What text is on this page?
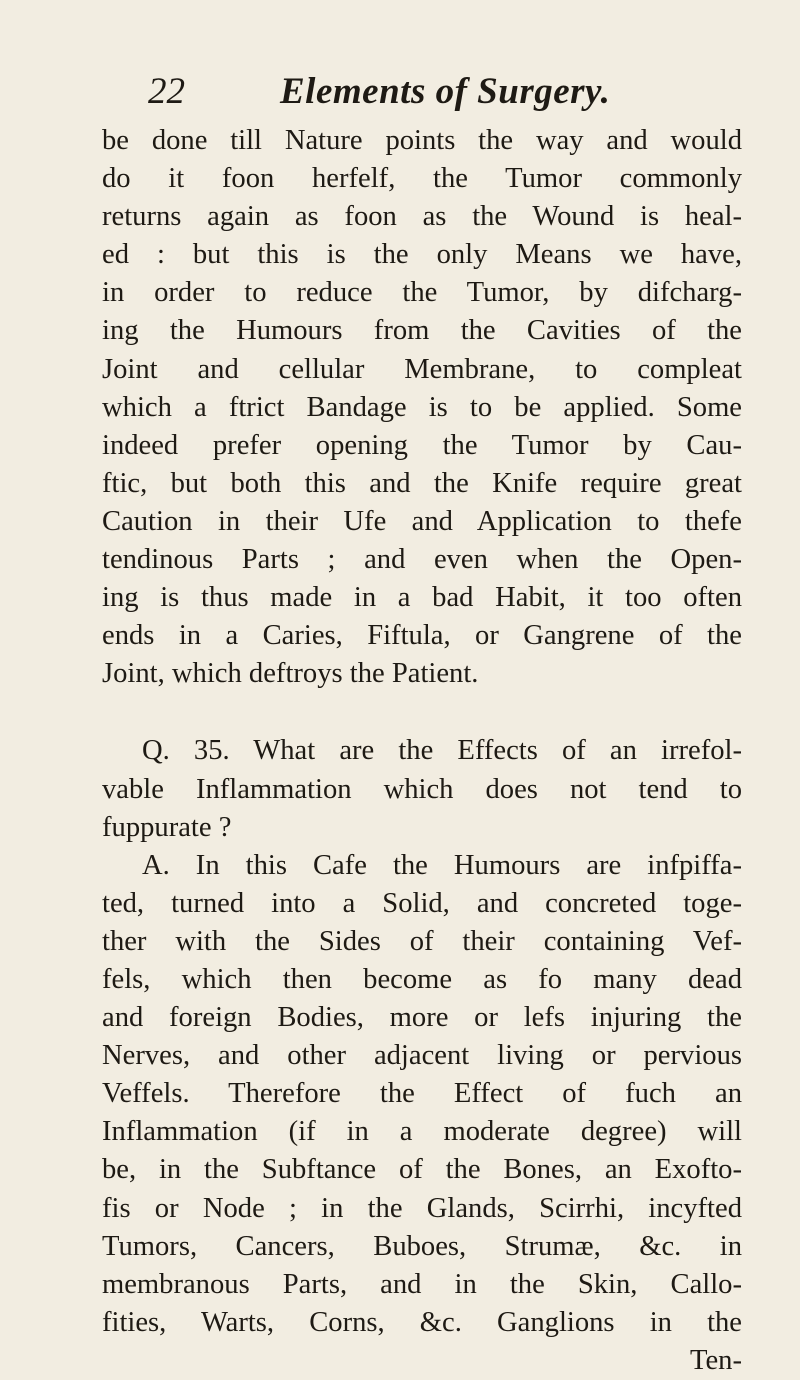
22	Elements of Surgery.
be done till Nature points the way and would
do it foon herfelf, the Tumor commonly
returns again as foon as the Wound is heal-
ed : but this is the only Means we have,
in order to reduce the Tumor, by difcharg-
ing the Humours from the Cavities of the
Joint and cellular Membrane, to compleat
which a ftrict Bandage is to be applied. Some
indeed prefer opening the Tumor by Cau-
ftic, but both this and the Knife require great
Caution in their Ufe and Application to thefe
tendinous Parts ; and even when the Open-
ing is thus made in a bad Habit, it too often
ends in a Caries, Fiftula, or Gangrene of the
Joint, which deftroys the Patient.
Q. 35. What are the Effects of an irrefol-
vable Inflammation which does not tend to
fuppurate ?
A. In this Cafe the Humours are infpiffa-
ted, turned into a Solid, and concreted toge-
ther with the Sides of their containing Vef-
fels, which then become as fo many dead
and foreign Bodies, more or lefs injuring the
Nerves, and other adjacent living or pervious
Veffels. Therefore the Effect of fuch an
Inflammation (if in a moderate degree) will
be, in the Subftance of the Bones, an Exofto-
fis or Node ; in the Glands, Scirrhi, incyfted
Tumors, Cancers, Buboes, Strumæ, &c. in
membranous Parts, and in the Skin, Callo-
fities, Warts, Corns, &c. Ganglions in the
Ten-
